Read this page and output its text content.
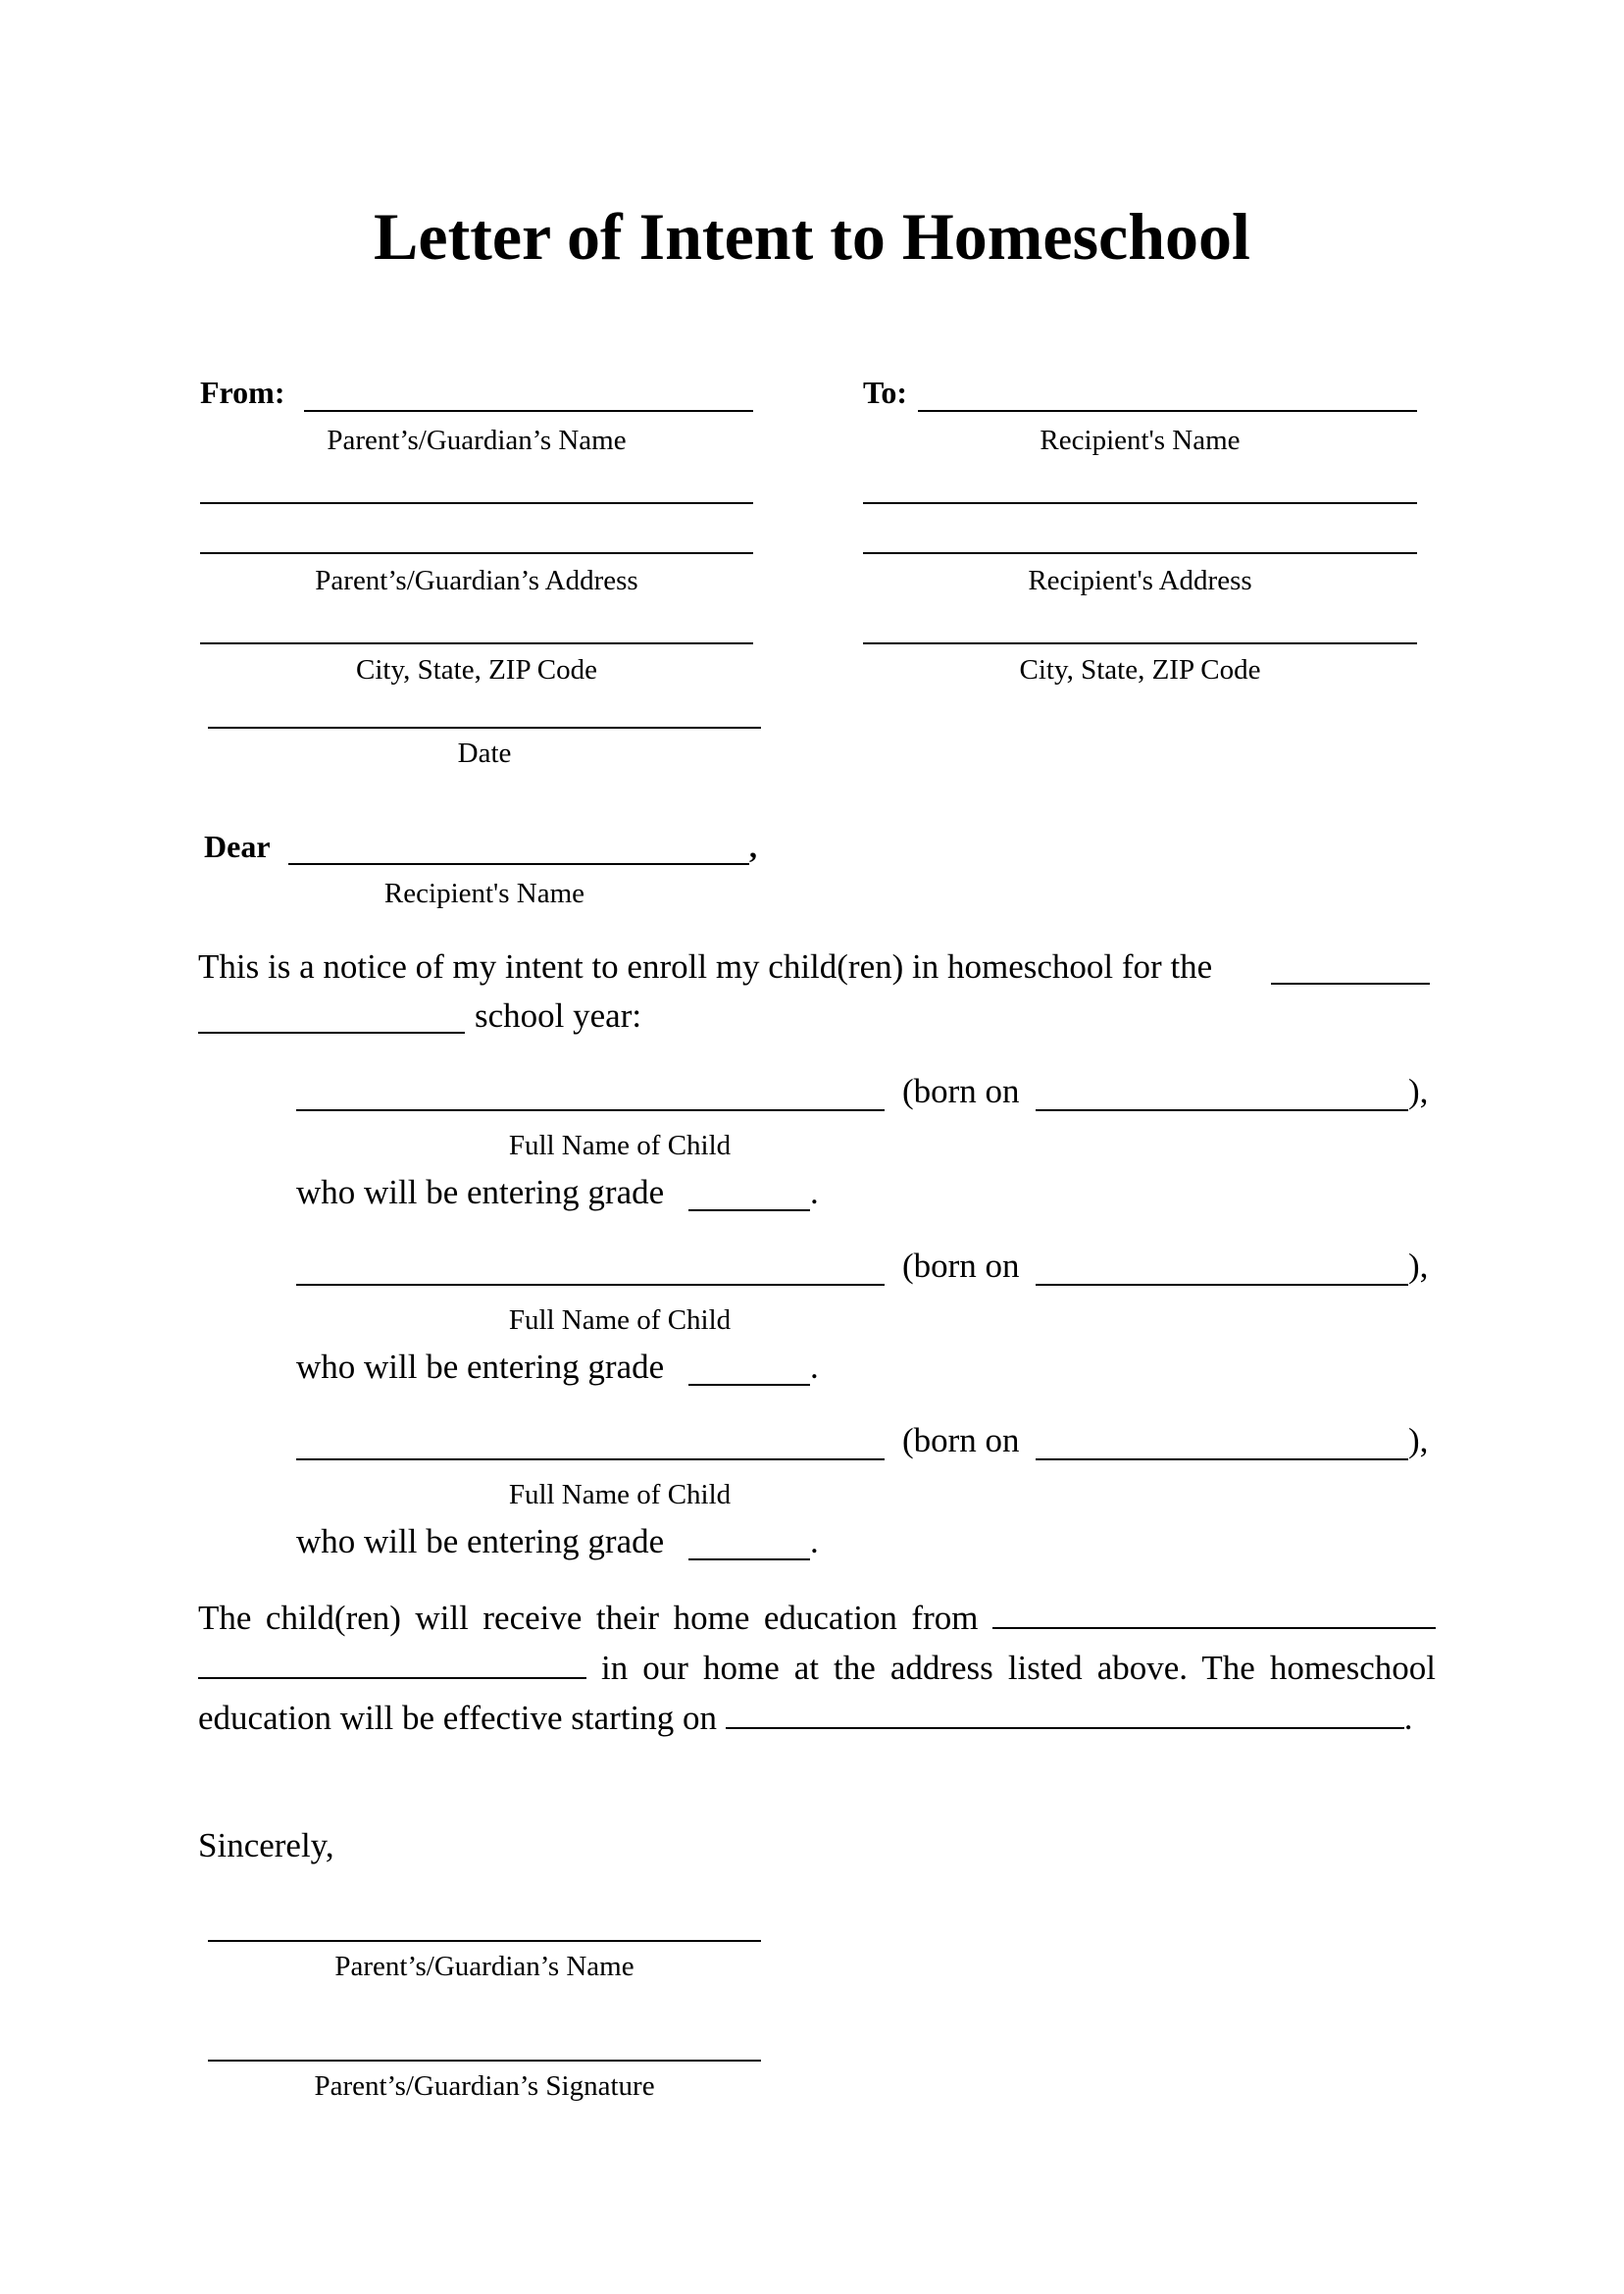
Letter of Intent to Homeschool
From:
Parent’s/Guardian’s Name
Parent’s/Guardian’s Address
City, State, ZIP Code
Date
To:
Recipient's Name
Recipient's Address
City, State, ZIP Code
Dear	,
Recipient's Name
This is a notice of my intent to enroll my child(ren) in homeschool for the
school year:
(born on	),
Full Name of Child
who will be entering grade	.
(born on	),
Full Name of Child
who will be entering grade	.
(born on	),
Full Name of Child
who will be entering grade	.
The child(ren) will receive their home education from   in our home at the address listed above. The homeschool education will be effective starting on	.
Sincerely,
Parent’s/Guardian’s Name
Parent’s/Guardian’s Signature
